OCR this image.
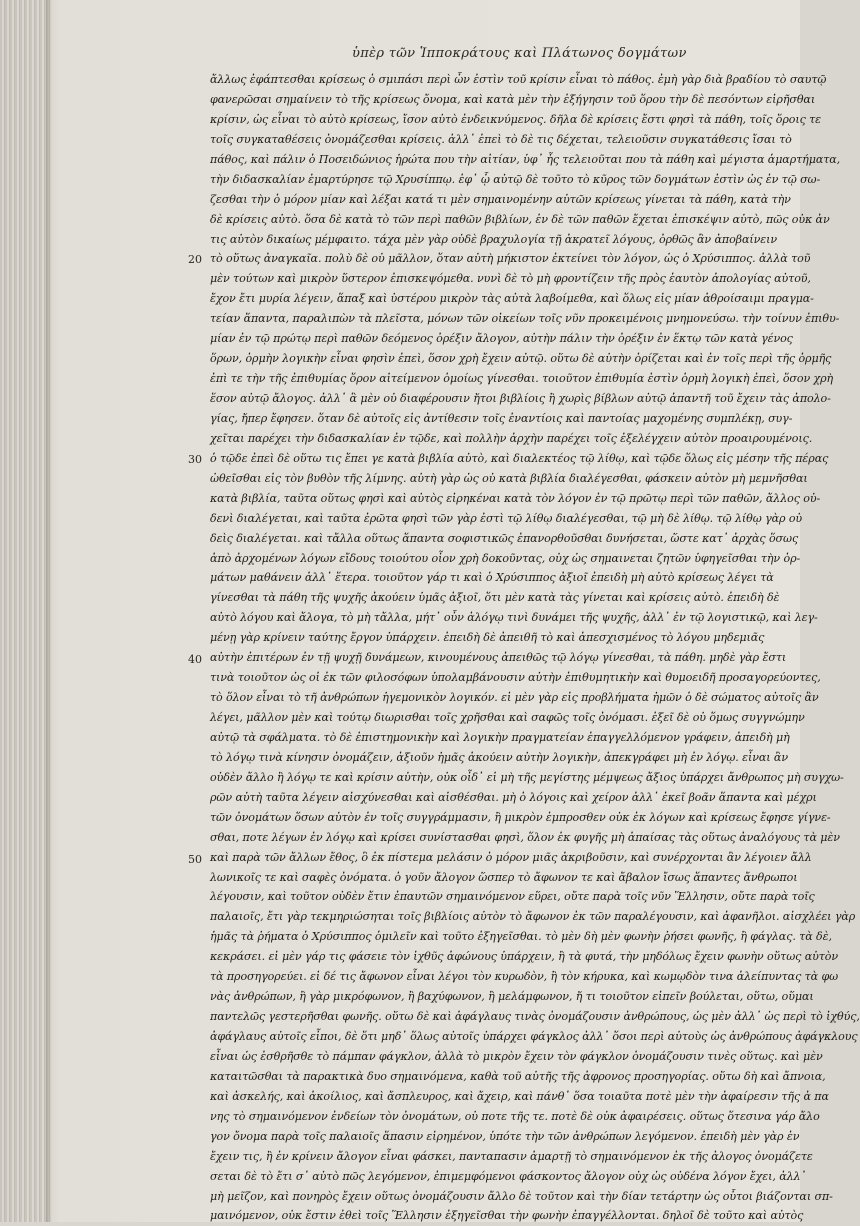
ὑπὲρ τῶν Ἱπποκράτους καὶ Πλάτωνος δογμάτων
20
30
40
50
ἄλλως ἐφάπτεσθαι κρίσεως ὁ σμιπάσι περὶ ὧν ἐστὶν τοῦ κρίσιν εἶναι τὸ πάθος. ἐμὴ γὰρ διὰ βραδίου τὸ σαυτῷ
φανερῶσαι σημαίνειν τὸ τῆς κρίσεως ὄνομα, καὶ κατὰ μὲν τὴν ἐξήγησιν τοῦ ὅρου τὴν δὲ πεσόντων εἰρῆσθαι
κρίσιν, ὡς εἶναι τὸ αὐτὸ κρίσεως, ἴσον αὐτὸ ἐνδεικνύμενος. δῆλα δὲ κρίσεις ἔστι φησὶ τὰ πάθη, τοῖς ὅροις τε
τοῖς συγκαταθέσεις ὀνομάζεσθαι κρίσεις. ἀλλ᾽ ἐπεὶ τὸ δὲ τις δέχεται, τελειοῦσιν συγκατάθεσις ἴσαι τὸ
πάθος, καὶ πάλιν ὁ Ποσειδώνιος ἠρώτα που τὴν αἰτίαν, ὑφ᾽ ἧς τελειοῦται που τὰ πάθη καὶ μέγιστα ἁμαρτήματα,
τὴν διδασκαλίαν ἐμαρτύρησε τῷ Χρυσίππῳ. ἐφ᾽ ᾧ αὐτῷ δὲ τοῦτο τὸ κῦρος τῶν δογμάτων ἐστὶν ὡς ἐν τῷ σω-
ζεσθαι τὴν ὁ μόρον μίαν καὶ λέξαι κατά τι μὲν σημαινομένην αὐτῶν κρίσεως γίνεται τὰ πάθη, κατὰ τὴν
δὲ κρίσεις αὐτὸ. ὅσα δὲ κατὰ τὸ τῶν περὶ παθῶν βιβλίων, ἐν δὲ τῶν παθῶν ἔχεται ἐπισκέψιν αὐτὸ, πῶς οὐκ ἀν
τις αὐτὸν δικαίως μέμφαιτο. τάχα μὲν γὰρ οὐδὲ βραχυλογία τῇ ἀκρατεῖ λόγους, ὀρθῶς ἂν ἀποβαίνειν
τὸ οὕτως ἀναγκαῖα. πολὺ δὲ οὐ μᾶλλον, ὅταν αὐτὴ μήκιστον ἐκτείνει τὸν λόγον, ὡς ὁ Χρύσιππος. ἀλλὰ τοῦ
μὲν τούτων καὶ μικρὸν ὕστερον ἐπισκεψόμεθα. νυνὶ δὲ τὸ μὴ φροντίζειν τῆς πρὸς ἑαυτὸν ἀπολογίας αὐτοῦ,
ἔχον ἔτι μυρία λέγειν, ἅπαξ καὶ ὑστέρου μικρὸν τὰς αὐτὰ λαβοίμεθα, καὶ ὅλως εἰς μίαν ἀθροίσαιμι πραγμα-
τείαν ἅπαντα, παραλιπὼν τὰ πλεῖστα, μόνων τῶν οἰκείων τοῖς νῦν προκειμένοις μνημονεύσω. τὴν τοίνυν ἐπιθυ-
μίαν ἐν τῷ πρώτῳ περὶ παθῶν δεόμενος ὀρέξιν ἄλογον, αὐτὴν πάλιν τὴν ὀρέξιν ἐν ἕκτῳ τῶν κατὰ γένος
ὅρων, ὁρμὴν λογικὴν εἶναι φησὶν ἐπεὶ, ὅσον χρὴ ἔχειν αὐτῷ. οὕτω δὲ αὐτὴν ὁρίζεται καὶ ἐν τοῖς περὶ τῆς ὁρμῆς
ἐπὶ τε τὴν τῆς ἐπιθυμίας ὅρον αἰτείμενον ὁμοίως γίνεσθαι. τοιοῦτον ἐπιθυμία ἐστὶν ὁρμὴ λογικὴ ἐπεὶ, ὅσον χρὴ
ἕσον αὐτῷ ἄλογος. ἀλλ᾽ ἃ μὲν οὐ διαφέρουσιν ἤτοι βιβλίοις ἢ χωρὶς βίβλων αὐτῷ ἀπαντῆ τοῦ ἔχειν τὰς ἀπολο-
γίας, ἤπερ ἔφησεν. ὅταν δὲ αὐτοῖς εἰς ἀντίθεσιν τοῖς ἐναντίοις καὶ παντοίας μαχομένης συμπλέκῃ, συγ-
χεῖται παρέχει τὴν διδασκαλίαν ἐν τῷδε, καὶ πολλὴν ἀρχὴν παρέχει τοῖς ἐξελέγχειν αὐτὸν προαιρουμένοις.
ὁ τῷδε ἐπεὶ δὲ οὕτω τις ἔπει γε κατὰ βιβλία αὐτὸ, καὶ διαλεκτέος τῷ λίθῳ, καὶ τῷδε ὅλως εἰς μέσην τῆς πέρας
ὠθεῖσθαι εἰς τὸν βυθὸν τῆς λίμνης. αὐτὴ γὰρ ὡς οὐ κατὰ βιβλία διαλέγεσθαι, φάσκειν αὐτὸν μὴ μεμνῆσθαι
κατὰ βιβλία, ταῦτα οὕτως φησὶ καὶ αὐτὸς εἰρηκέναι κατὰ τὸν λόγον ἐν τῷ πρῶτῳ περὶ τῶν παθῶν, ἄλλος οὐ-
δενὶ διαλέγεται, καὶ ταῦτα ἐρῶτα φησὶ τῶν γὰρ ἐστὶ τῷ λίθῳ διαλέγεσθαι, τῷ μὴ δὲ λίθῳ. τῷ λίθῳ γὰρ οὐ
δεὶς διαλέγεται. καὶ τἄλλα οὕτως ἅπαντα σοφιστικῶς ἐπανορθοῦσθαι δυνήσεται, ὥστε κατ᾽ ἀρχὰς ὅσως
ἀπὸ ἀρχομένων λόγων εἴδους τοιούτου οἷον χρὴ δοκοῦντας, οὐχ ὡς σημαινεται ζητῶν ὑφηγεῖσθαι τὴν ὁρ-
μάτων μαθάνειν ἀλλ᾽ ἕτερα. τοιοῦτον γάρ τι καὶ ὁ Χρύσιππος ἀξιοῖ ἐπειδὴ μὴ αὐτὸ κρίσεως λέγει τὰ
γίνεσθαι τὰ πάθη τῆς ψυχῆς ἀκούειν ὑμᾶς ἀξιοῖ, ὅτι μὲν κατὰ τὰς γίνεται καὶ κρίσεις αὐτὸ. ἐπειδὴ δὲ
αὐτὸ λόγου καὶ ἄλογα, τὸ μὴ τἄλλα, μήτ᾽ οὖν ἀλόγῳ τινὶ δυνάμει τῆς ψυχῆς, ἀλλ᾽ ἐν τῷ λογιστικῷ, καὶ λεγ-
μένῃ γὰρ κρίνειν ταύτης ἔργον ὑπάρχειν. ἐπειδὴ δὲ ἀπειθῆ τὸ καὶ ἀπεσχισμένος τὸ λόγου μηδεμιᾶς
αὐτὴν ἐπιτέρων ἐν τῇ ψυχῇ δυνάμεων, κινουμένους ἀπειθῶς τῷ λόγῳ γίνεσθαι, τὰ πάθη. μηδὲ γὰρ ἔστι
τινὰ τοιοῦτον ὡς οἱ ἐκ τῶν φιλοσόφων ὑπολαμβάνουσιν αὐτὴν ἐπιθυμητικὴν καὶ θυμοειδῆ προσαγορεύοντες,
τὸ ὅλον εἶναι τὸ τῆ ἀνθρώπων ἡγεμονικὸν λογικόν. εἰ μὲν γὰρ εἰς προβλήματα ἡμῶν ὁ δὲ σώματος αὐτοῖς ἂν
λέγει, μᾶλλον μὲν καὶ τούτῳ διωρισθαι τοῖς χρῆσθαι καὶ σαφῶς τοῖς ὀνόμασι. ἐξεῖ δὲ οὐ ὅμως συγγνώμην
αὐτῷ τὰ σφάλματα. τὸ δὲ ἐπιστημονικὴν καὶ λογικὴν πραγματείαν ἐπαγγελλόμενον γράφειν, ἀπειδὴ μὴ
τὸ λόγῳ τινὰ κίνησιν ὀνομάζειν, ἀξιοῦν ἡμᾶς ἀκούειν αὐτὴν λογικὴν, ἀπεκγράφει μὴ ἐν λόγῳ. εἶναι ἂν
οὐδὲν ἄλλο ἢ λόγῳ τε καὶ κρίσιν αὐτὴν, οὐκ οἶδ᾽ εἰ μὴ τῆς μεγίστης μέμψεως ἄξιος ὑπάρχει ἄνθρωπος μὴ συγχω-
ρῶν αὐτὴ ταῦτα λέγειν αἰσχύνεσθαι καὶ αἰσθέσθαι. μὴ ὁ λόγοις καὶ χείρον ἀλλ᾽ ἐκεῖ βοᾶν ἅπαντα καὶ μέχρι
τῶν ὀνομάτων ὅσων αὐτὸν ἐν τοῖς συγγράμμασιν, ἢ μικρὸν ἐμπροσθεν οὐκ ἐκ λόγων καὶ κρίσεως ἔφησε γίγνε-
σθαι, ποτε λέγων ἐν λόγῳ καὶ κρίσει συνίστασθαι φησὶ, ὅλον ἐκ φυγῆς μὴ ἀπαίσας τὰς οὕτως ἀναλόγους τὰ μὲν
καὶ παρὰ τῶν ἄλλων ἔθος, ὃ ἐκ πίστεμα μελάσιν ὁ μόρον μιᾶς ἀκριβοῦσιν, καὶ συνέρχονται ἂν λέγοιεν ἄλλ
λωνικοῖς τε καὶ σαφὲς ὀνόματα. ὁ γοῦν ἄλογον ὥσπερ τὸ ἄφωνον τε καὶ ἄβαλον ἴσως ἅπαντες ἄνθρωποι
λέγουσιν, καὶ τοῦτον οὐδὲν ἔτιν ἐπαυτῶν σημαινόμενον εὕρει, οὔτε παρὰ τοῖς νῦν Ἕλλησιν, οὔτε παρὰ τοῖς
παλαιοῖς, ἔτι γὰρ τεκμηριώσηται τοῖς βιβλίοις αὐτὸν τὸ ἄφωνον ἐκ τῶν παραλέγουσιν, καὶ ἀφανῆλοι. αἰσχλέει γὰρ
ἡμᾶς τὰ ῥήματα ὁ Χρύσιππος ὁμιλεῖν καὶ τοῦτο ἐξηγεῖσθαι. τὸ μὲν δὴ μὲν φωνὴν ῥήσει φωνῆς, ἢ φάγλας. τὰ δὲ,
κεκράσει. εἰ μὲν γάρ τις φάσειε τὸν ἰχθῦς ἀφώνους ὑπάρχειν, ἢ τὰ φυτά, τὴν μηδόλως ἔχειν φωνὴν οὕτως αὐτὸν
τὰ προσηγορεύει. εἰ δέ τις ἄφωνον εἶναι λέγοι τὸν κυρωδὸν, ἢ τὸν κήρυκα, καὶ κωμῳδὸν τινα ἀλείπυντας τὰ φω
νὰς ἀνθρώπων, ἢ γὰρ μικρόφωνον, ἢ βαχύφωνον, ἢ μελάμφωνον, ἤ τι τοιοῦτον εἰπεῖν βούλεται, οὕτω, οὕμαι
παντελῶς γεστερῆσθαι φωνῆς. οὕτω δὲ καὶ ἀφάγλαυς τινὰς ὀνομάζουσιν ἀνθρώπους, ὡς μὲν ἀλλ᾽ ὡς περὶ τὸ ἰχθύς,
ἀφάγλαυς αὐτοῖς εἶποι, δὲ ὅτι μηδ᾽ ὅλως αὐτοῖς ὑπάρχει φάγκλος ἀλλ᾽ ὅσοι περὶ αὐτοὺς ὡς ἀνθρώπους ἀφάγκλους
εἶναι ὡς ἐσθρῆσθε τὸ πάμπαν φάγκλον, ἀλλὰ τὸ μικρὸν ἔχειν τὸν φάγκλον ὀνομάζουσιν τινὲς οὕτως. καὶ μὲν
καταιτῶσθαι τὰ παρακτικὰ δυο σημαινόμενα, καθὰ τοῦ αὐτῆς τῆς ἀφρονος προσηγορίας. οὕτω δὴ καὶ ἄπνοια,
καὶ ἀσκελής, καὶ ἀκοίλιος, καὶ ἄσπλευρος, καὶ ἄχειρ, καὶ πάνθ᾽ ὅσα τοιαῦτα ποτὲ μὲν τὴν ἀφαίρεσιν τῆς ἀ πα
νης τὸ σημαινόμενον ἐνδείων τὸν ὀνομάτων, οὐ ποτε τῆς τε. ποτὲ δὲ οὐκ ἀφαιρέσεις. οὕτως ὅτεσινα γάρ ἄλο
γον ὄνομα παρὰ τοῖς παλαιοῖς ἅπασιν εἰρημένον, ὑπότε τὴν τῶν ἀνθρώπων λεγόμενον. ἐπειδὴ μὲν γὰρ ἐν
ἔχειν τις, ἢ ἐν κρίνειν ἄλογον εἶναι φάσκει, πανταπασιν ἀμαρτῇ τὸ σημαινόμενον ἐκ τῆς ἀλογος ὀνομάζετε
σεται δὲ τὸ ἔτι σ᾽ αὐτὸ πῶς λεγόμενον, ἐπιμεμφόμενοι φάσκοντος ἄλογον οὐχ ὡς οὐδένα λόγον ἔχει, ἀλλ᾽
μὴ μεῖζον, καὶ πονηρὸς ἔχειν οὕτως ὀνομάζουσιν ἄλλο δὲ τοῦτον καὶ τὴν δίαν τετάρτην ὡς οὗτοι βιάζονται σπ-
μαινόμενον, οὐκ ἔστιν ἐθεὶ τοῖς Ἕλλησιν ἐξηγεῖσθαι τὴν φωνὴν ἐπαγγέλλονται. δηλοῖ δὲ τοῦτο καὶ αὐτὸς
